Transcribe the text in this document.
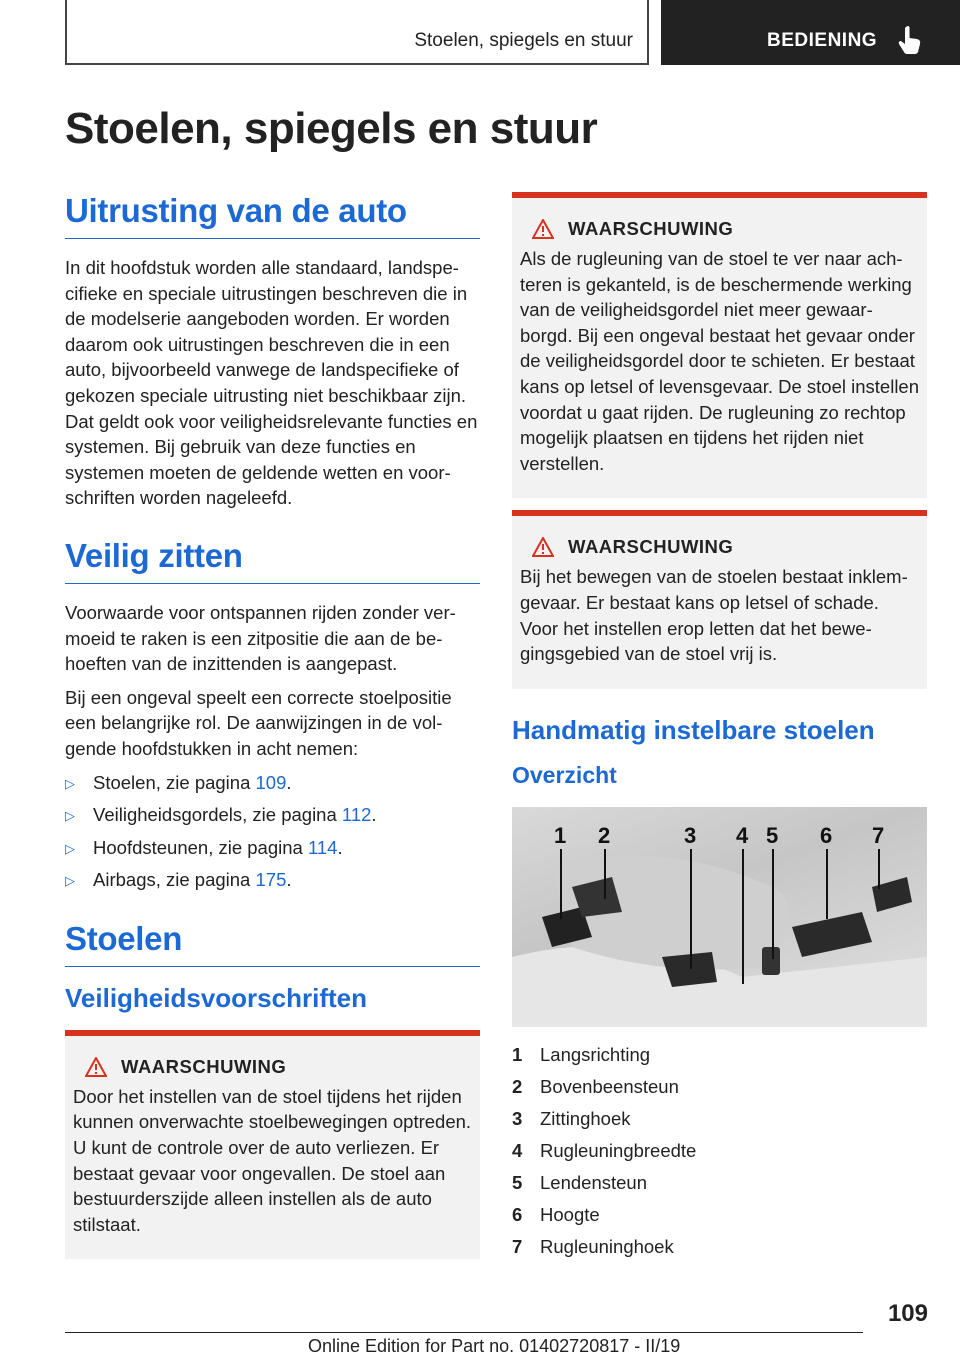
Stoelen, spiegels en stuur	BEDIENING
Stoelen, spiegels en stuur
Uitrusting van de auto

In dit hoofdstuk worden alle standaard, landspecifieke en speciale uitrustingen beschreven die in de modelserie aangeboden worden. Er worden daarom ook uitrustingen beschreven die in een auto, bijvoorbeeld vanwege de landspecifieke of gekozen speciale uitrusting niet beschikbaar zijn. Dat geldt ook voor veiligheidsrelevante functies en systemen. Bij gebruik van deze functies en systemen moeten de geldende wetten en voorschriften worden nageleefd.

Veilig zitten

Voorwaarde voor ontspannen rijden zonder vermoeid te raken is een zitpositie die aan de behoeften van de inzittenden is aangepast.

Bij een ongeval speelt een correcte stoelpositie een belangrijke rol. De aanwijzingen in de volgende hoofdstukken in acht nemen:

▷ Stoelen, zie pagina 109.
▷ Veiligheidsgordels, zie pagina 112.
▷ Hoofdsteunen, zie pagina 114.
▷ Airbags, zie pagina 175.
Stoelen
Veiligheidsvoorschriften
WAARSCHUWING

Door het instellen van de stoel tijdens het rijden kunnen onverwachte stoelbewegingen optreden. U kunt de controle over de auto verliezen. Er bestaat gevaar voor ongevallen. De stoel aan bestuurderszijde alleen instellen als de auto stilstaat.

WAARSCHUWING

Als de rugleuning van de stoel te ver naar achteren is gekanteld, is de beschermende werking van de veiligheidsgordel niet meer gewaarborgd. Bij een ongeval bestaat het gevaar onder de veiligheidsgordel door te schieten. Er bestaat kans op letsel of levensgevaar. De stoel instellen voordat u gaat rijden. De rugleuning zo rechtop mogelijk plaatsen en tijdens het rijden niet verstellen.

WAARSCHUWING

Bij het bewegen van de stoelen bestaat inklemgevaar. Er bestaat kans op letsel of schade. Voor het instellen erop letten dat het bewegingsgebied van de stoel vrij is.

Handmatig instelbare stoelen
Overzicht
1 2	3 4 5 6 7
1 Langsrichting
2 Bovenbeensteun
3 Zittinghoek
4 Rugleuningbreedte
5 Lendensteun
6 Hoogte
7 Rugleuninghoek
109
Online Edition for Part no. 01402720817 - II/19
